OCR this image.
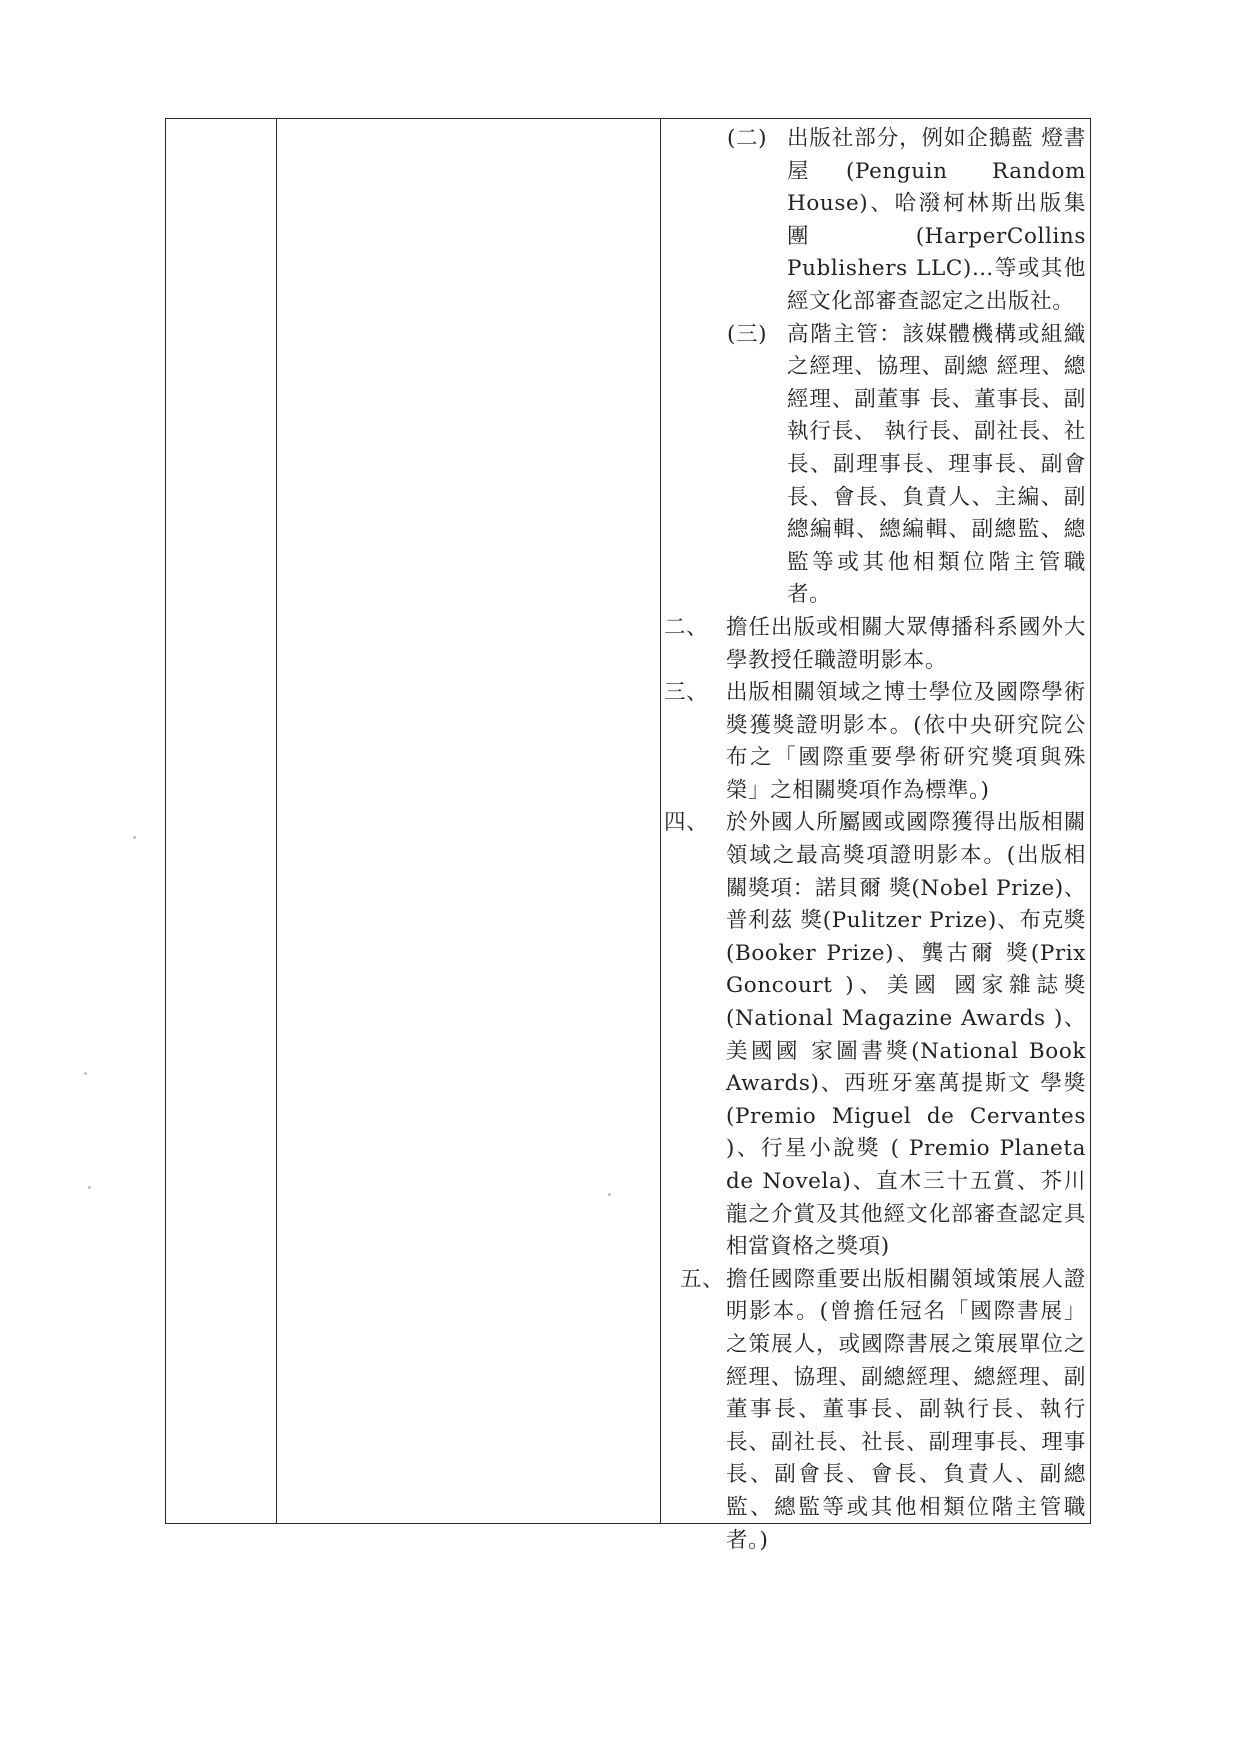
(二) 出版社部分，例如企鵝藍 燈書屋(Penguin Random House)、哈潑柯林斯出版集團(HarperCollins Publishers LLC)…等或其他經文化部審查認定之出版社。
(三) 高階主管：該媒體機構或組織之經理、協理、副總 經理、總經理、副董事 長、董事長、副執行長、 執行長、副社長、社長、副理事長、理事長、副會長、會長、負責人、主編、副總編輯、總編輯、副總監、總監等或其他相類位階主管職者。
二、 擔任出版或相關大眾傳播科系國外大學教授任職證明影本。
三、 出版相關領域之博士學位及國際學術獎獲獎證明影本。(依中央研究院公布之「國際重要學術研究獎項與殊榮」之相關獎項作為標準。)
四、 於外國人所屬國或國際獲得出版相關領域之最高獎項證明影本。(出版相關獎項：諾貝爾 獎(Nobel Prize)、普利茲 獎(Pulitzer Prize)、布克獎(Booker Prize)、龔古爾 獎(Prix Goncourt )、美國 國家雜誌獎(National Magazine Awards )、美國國 家圖書獎(National Book Awards)、西班牙塞萬提斯文 學獎(Premio Miguel de Cervantes )、行星小說獎 ( Premio Planeta de Novela)、直木三十五賞、芥川龍之介賞及其他經文化部審查認定具相當資格之獎項)
五、 擔任國際重要出版相關領域策展人證明影本。(曾擔任冠名「國際書展」之策展人，或國際書展之策展單位之經理、協理、副總經理、總經理、副董事長、董事長、副執行長、執行長、副社長、社長、副理事長、理事長、副會長、會長、負責人、副總監、總監等或其他相類位階主管職者。)
